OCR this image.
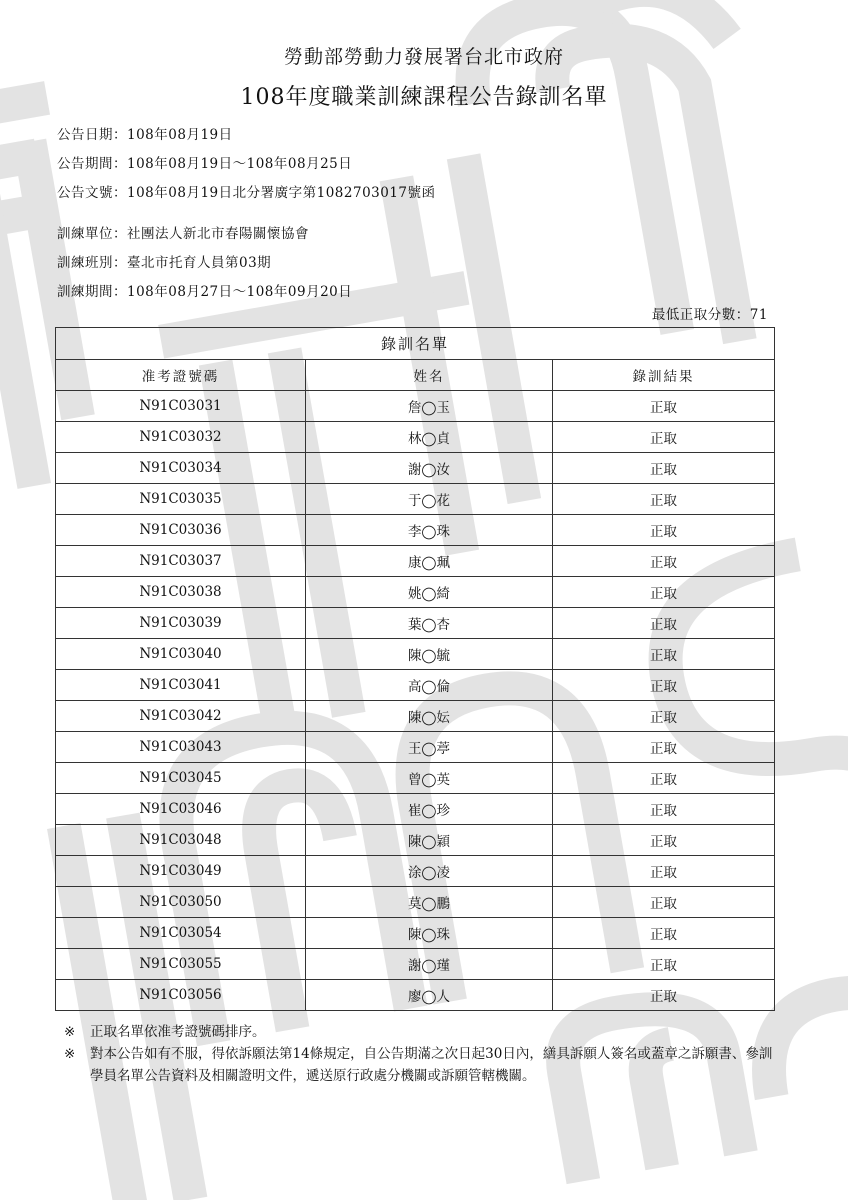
勞動部勞動力發展署台北市政府
108年度職業訓練課程公告錄訓名單
公告日期：108年08月19日
公告期間：108年08月19日～108年08月25日
公告文號：108年08月19日北分署廣字第1082703017號函
訓練單位：社團法人新北市春陽關懷協會
訓練班別：臺北市托育人員第03期
訓練期間：108年08月27日～108年09月20日
最低正取分數：71
錄訓名單		
准考證號碼	姓名	錄訓結果
N91C03031	詹◯玉	正取
N91C03032	林◯貞	正取
N91C03034	謝◯汝	正取
N91C03035	于◯花	正取
N91C03036	李◯珠	正取
N91C03037	康◯珮	正取
N91C03038	姚◯綺	正取
N91C03039	葉◯杏	正取
N91C03040	陳◯毓	正取
N91C03041	高◯倫	正取
N91C03042	陳◯妘	正取
N91C03043	王◯葶	正取
N91C03045	曾◯英	正取
N91C03046	崔◯珍	正取
N91C03048	陳◯穎	正取
N91C03049	涂◯凌	正取
N91C03050	莫◯鵬	正取
N91C03054	陳◯珠	正取
N91C03055	謝◯瑾	正取
N91C03056	廖◯人	正取
※ 正取名單依准考證號碼排序。
※ 對本公告如有不服，得依訴願法第14條規定，自公告期滿之次日起30日內，繕具訴願人簽名或蓋章之訴願書、參訓學員名單公告資料及相關證明文件，遞送原行政處分機關或訴願管轄機關。
